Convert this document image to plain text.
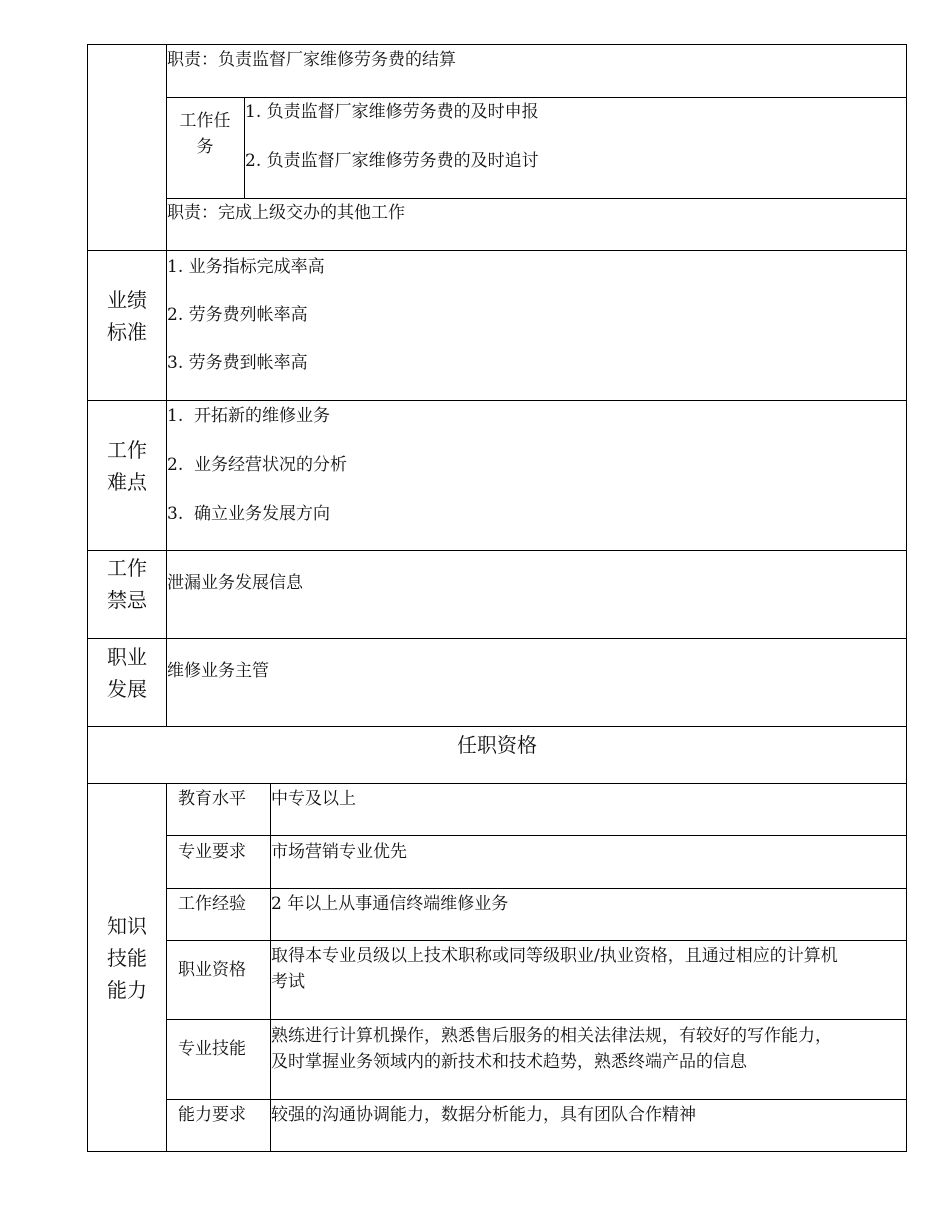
职责：负责监督厂家维修劳务费的结算
工作任
务
1. 负责监督厂家维修劳务费的及时申报
2. 负责监督厂家维修劳务费的及时追讨
职责：完成上级交办的其他工作
业绩
标准
1. 业务指标完成率高
2. 劳务费列帐率高
3. 劳务费到帐率高
工作
难点
1.  开拓新的维修业务
2.  业务经营状况的分析
3.  确立业务发展方向
工作
禁忌
泄漏业务发展信息
职业
发展
维修业务主管
任职资格
知识
技能
能力
教育水平 中专及以上
专业要求 市场营销专业优先
工作经验 2 年以上从事通信终端维修业务
职业资格
取得本专业员级以上技术职称或同等级职业/执业资格，且通过相应的计算机
考试
专业技能
熟练进行计算机操作，熟悉售后服务的相关法律法规，有较好的写作能力，
及时掌握业务领域内的新技术和技术趋势，熟悉终端产品的信息
能力要求 较强的沟通协调能力，数据分析能力，具有团队合作精神
